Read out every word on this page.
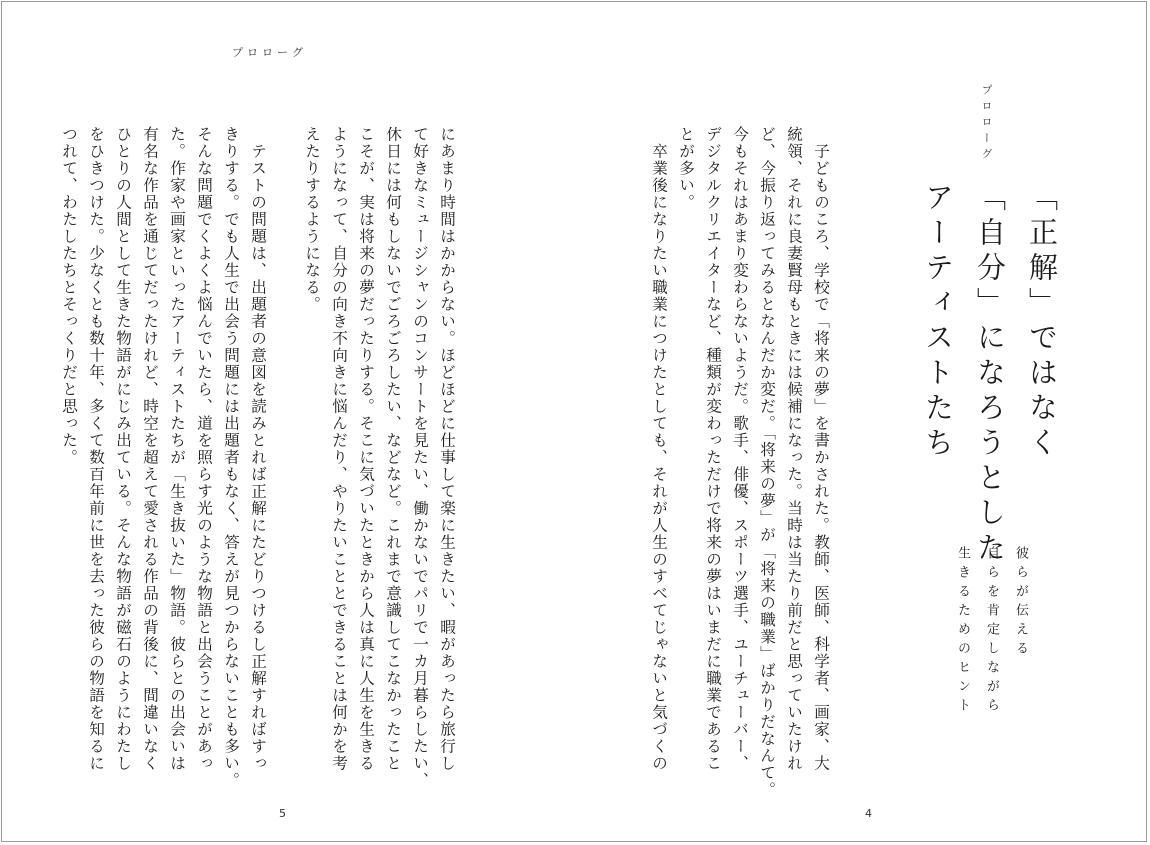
プロローグ
プロローグ
「正解」ではなく
「自分」になろうとした
アーティストたち
彼らが伝える
自らを肯定しながら
生きるためのヒント
　子どものころ、学校で「将来の夢」を書かされた。教師、医師、科学者、画家、大
統領、それに良妻賢母もときには候補になった。当時は当たり前だと思っていたけれ
ど、今振り返ってみるとなんだか変だ。「将来の夢」が「将来の職業」ばかりだなんて。
今もそれはあまり変わらないようだ。歌手、俳優、スポーツ選手、ユーチューバー、
デジタルクリエイターなど、種類が変わっただけで将来の夢はいまだに職業であるこ
とが多い。
　卒業後になりたい職業につけたとしても、それが人生のすべてじゃないと気づくの
にあまり時間はかからない。ほどほどに仕事して楽に生きたい、暇があったら旅行し
て好きなミュージシャンのコンサートを見たい、働かないでパリで一カ月暮らしたい、
休日には何もしないでごろごろしたい、などなど。これまで意識してこなかったこと
こそが、実は将来の夢だったりする。そこに気づいたときから人は真に人生を生きる
ようになって、自分の向き不向きに悩んだり、やりたいこととできることは何かを考
えたりするようになる。

　テストの問題は、出題者の意図を読みとれば正解にたどりつけるし正解すればすっ
きりする。でも人生で出会う問題には出題者もなく、答えが見つからないことも多い。
そんな問題でくよくよ悩んでいたら、道を照らす光のような物語と出会うことがあっ
た。作家や画家といったアーティストたちが「生き抜いた」物語。彼らとの出会いは
有名な作品を通じてだったけれど、時空を超えて愛される作品の背後に、間違いなく
ひとりの人間として生きた物語がにじみ出ている。そんな物語が磁石のようにわたし
をひきつけた。少なくとも数十年、多くて数百年前に世を去った彼らの物語を知るに
つれて、わたしたちとそっくりだと思った。
5	4
